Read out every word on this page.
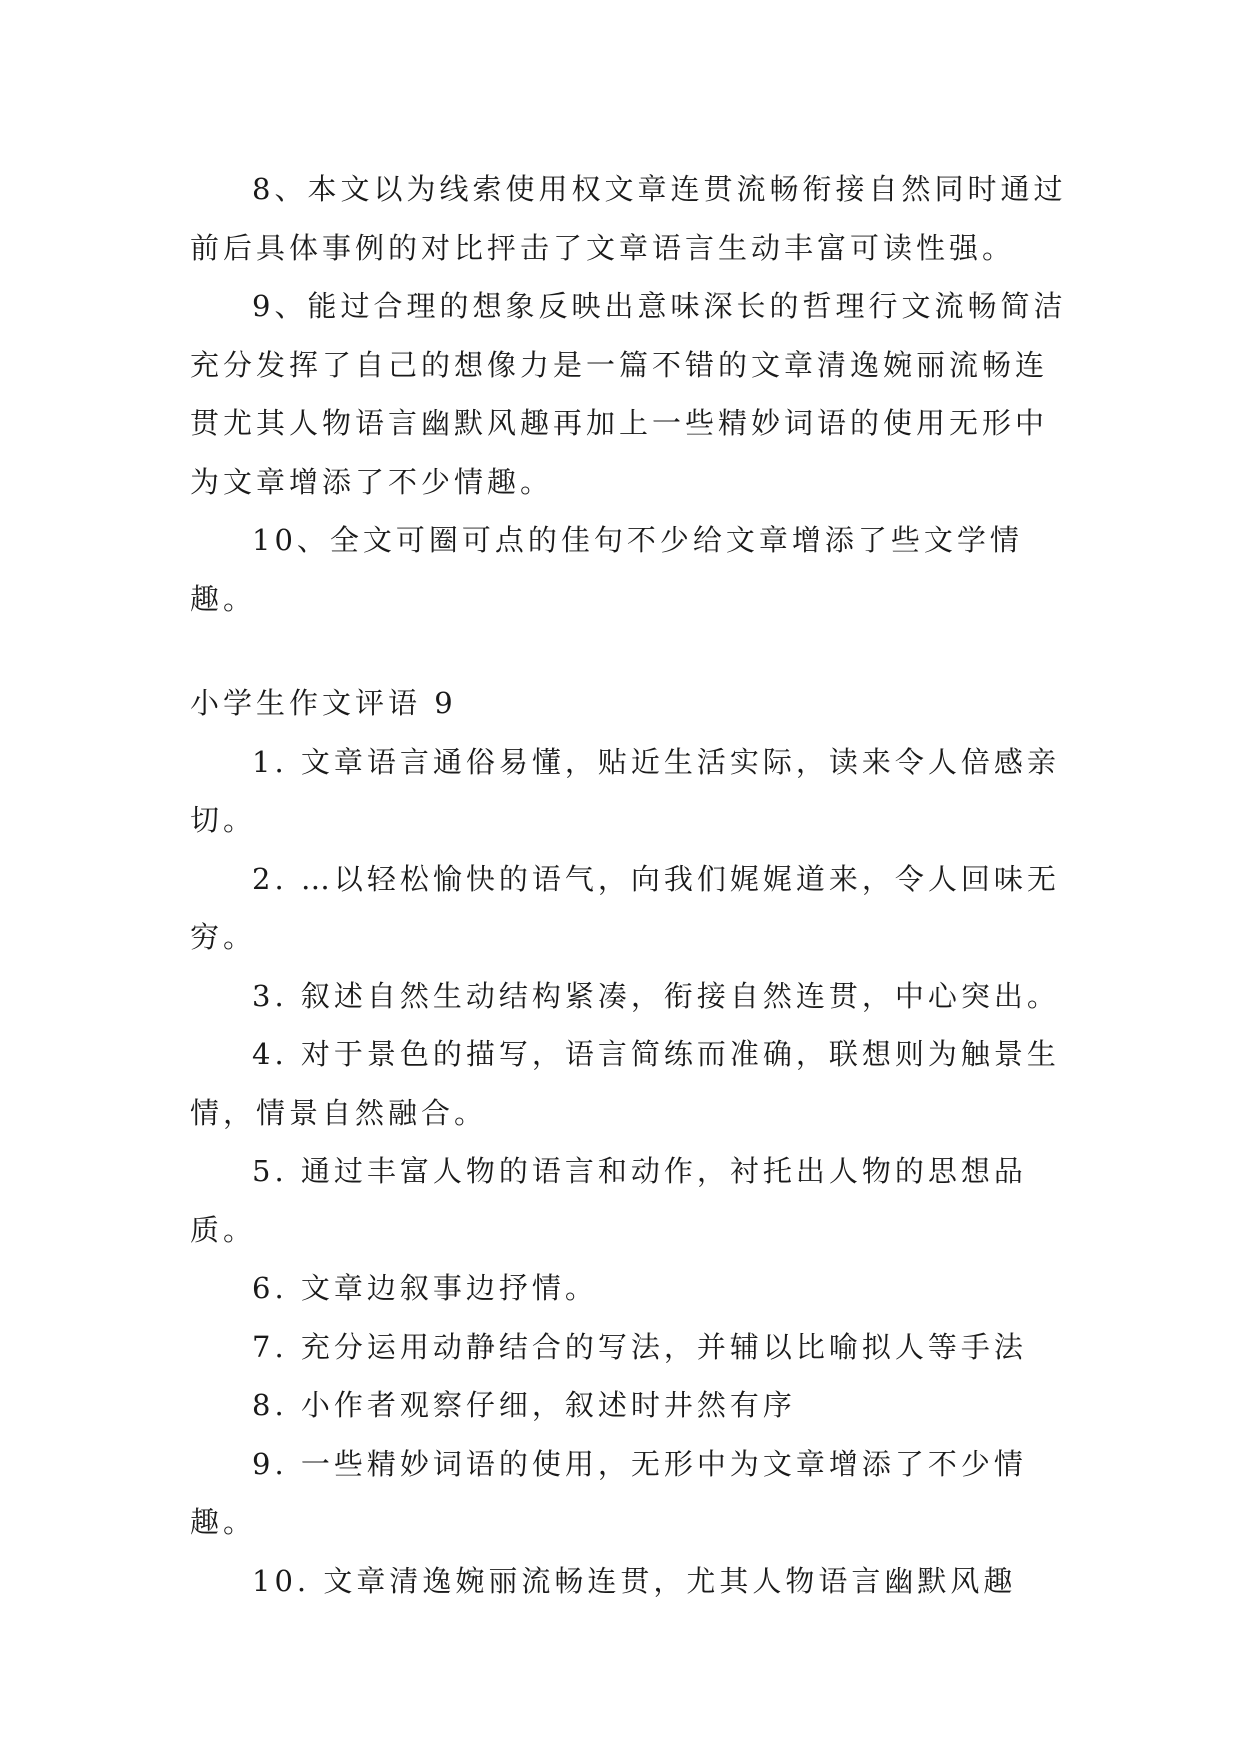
8、本文以为线索使用权文章连贯流畅衔接自然同时通过前后具体事例的对比抨击了文章语言生动丰富可读性强。

9、能过合理的想象反映出意味深长的哲理行文流畅简洁充分发挥了自己的想像力是一篇不错的文章清逸婉丽流畅连贯尤其人物语言幽默风趣再加上一些精妙词语的使用无形中为文章增添了不少情趣。

10、全文可圈可点的佳句不少给文章增添了些文学情趣。

小学生作文评语 9

1. 文章语言通俗易懂，贴近生活实际，读来令人倍感亲切。

2. …以轻松愉快的语气，向我们娓娓道来，令人回味无穷。

3. 叙述自然生动结构紧凑，衔接自然连贯，中心突出。

4. 对于景色的描写，语言简练而准确，联想则为触景生情，情景自然融合。

5. 通过丰富人物的语言和动作，衬托出人物的思想品质。

6. 文章边叙事边抒情。

7. 充分运用动静结合的写法，并辅以比喻拟人等手法

8. 小作者观察仔细，叙述时井然有序

9. 一些精妙词语的使用，无形中为文章增添了不少情趣。

10. 文章清逸婉丽流畅连贯，尤其人物语言幽默风趣
